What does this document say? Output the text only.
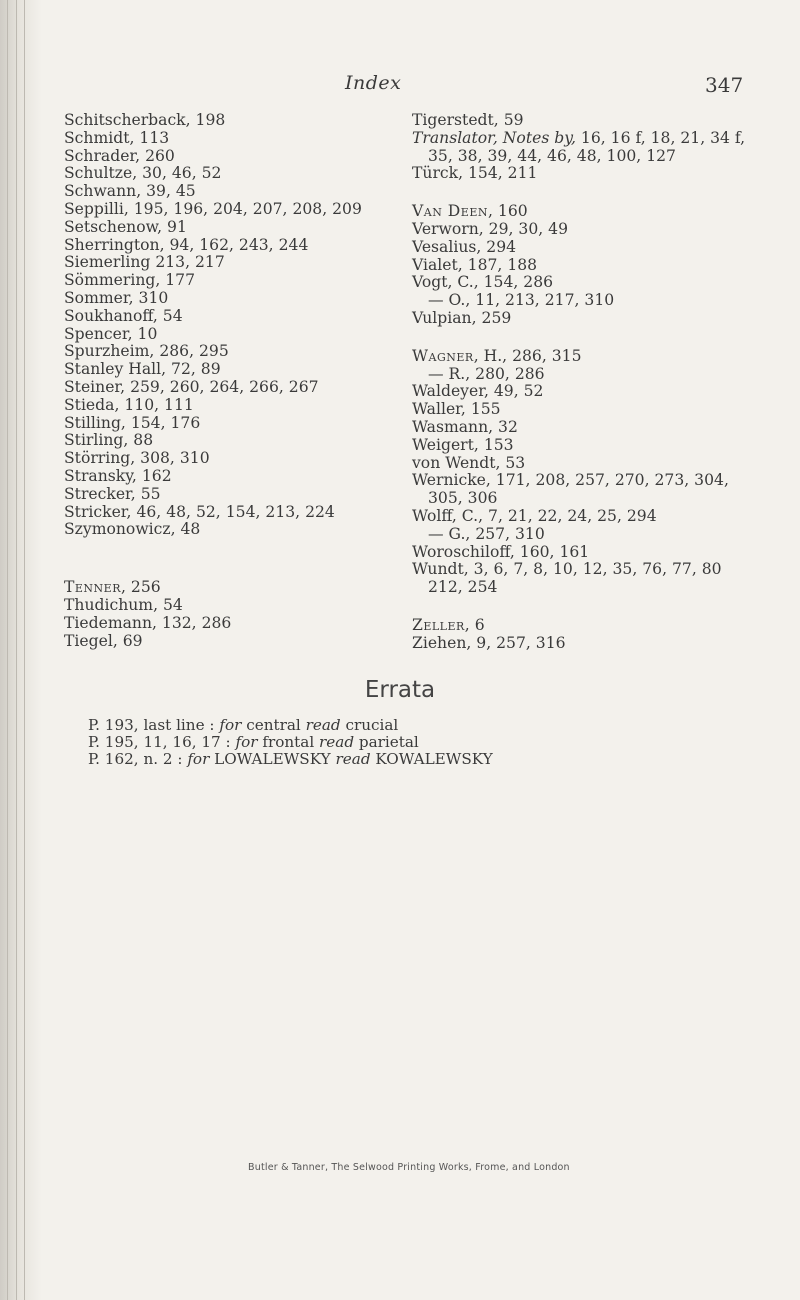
Index	347
Schitscherback, 198
Schmidt, 113
Schrader, 260
Schultze, 30, 46, 52
Schwann, 39, 45
Seppilli, 195, 196, 204, 207, 208, 209
Setschenow, 91
Sherrington, 94, 162, 243, 244
Siemerling 213, 217
Sömmering, 177
Sommer, 310
Soukhanoff, 54
Spencer, 10
Spurzheim, 286, 295
Stanley Hall, 72, 89
Steiner, 259, 260, 264, 266, 267
Stieda, 110, 111
Stilling, 154, 176
Stirling, 88
Störring, 308, 310
Stransky, 162
Strecker, 55
Stricker, 46, 48, 52, 154, 213, 224
Szymonowicz, 48
Tenner, 256
Thudichum, 54
Tiedemann, 132, 286
Tiegel, 69
Tigerstedt, 59
Translator, Notes by, 16, 16 f, 18, 21, 34 f,
35, 38, 39, 44, 46, 48, 100, 127
Türck, 154, 211
Van Deen, 160
Verworn, 29, 30, 49
Vesalius, 294
Vialet, 187, 188
Vogt, C., 154, 286
— O., 11, 213, 217, 310
Vulpian, 259
Wagner, H., 286, 315
— R., 280, 286
Waldeyer, 49, 52
Waller, 155
Wasmann, 32
Weigert, 153
von Wendt, 53
Wernicke, 171, 208, 257, 270, 273, 304,
305, 306
Wolff, C., 7, 21, 22, 24, 25, 294
— G., 257, 310
Woroschiloff, 160, 161
Wundt, 3, 6, 7, 8, 10, 12, 35, 76, 77, 80
212, 254
Zeller, 6
Ziehen, 9, 257, 316
Errata
P. 193, last line : for central read crucial
P. 195, 11, 16, 17 : for frontal read parietal
P. 162, n. 2 : for LOWALEWSKY read KOWALEWSKY
Butler & Tanner, The Selwood Printing Works, Frome, and London
